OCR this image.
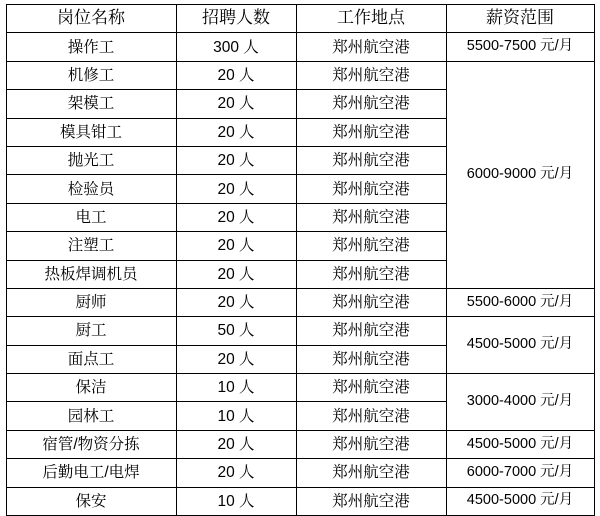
岗位名称	招聘人数	工作地点	薪资范围
操作工	300 人	郑州航空港	5500-7500 元/月
机修工	20 人	郑州航空港	6000-9000 元/月
架模工	20 人	郑州航空港	
模具钳工	20 人	郑州航空港	
抛光工	20 人	郑州航空港	
检验员	20 人	郑州航空港	
电工	20 人	郑州航空港	
注塑工	20 人	郑州航空港	
热板焊调机员	20 人	郑州航空港	
厨师	20 人	郑州航空港	5500-6000 元/月
厨工	50 人	郑州航空港	4500-5000 元/月
面点工	20 人	郑州航空港	
保洁	10 人	郑州航空港	3000-4000 元/月
园林工	10 人	郑州航空港	
宿管/物资分拣	20 人	郑州航空港	4500-5000 元/月
后勤电工/电焊	20 人	郑州航空港	6000-7000 元/月
保安	10 人	郑州航空港	4500-5000 元/月
